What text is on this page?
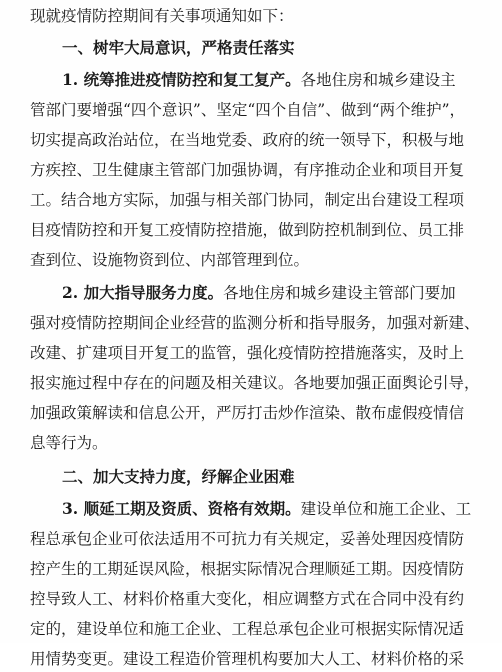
现就疫情防控期间有关事项通知如下：
一、树牢大局意识，严格责任落实
1. 统筹推进疫情防控和复工复产。各地住房和城乡建设主
管部门要增强“四个意识”、坚定“四个自信”、做到“两个维护”，
切实提高政治站位，在当地党委、政府的统一领导下，积极与地
方疾控、卫生健康主管部门加强协调，有序推动企业和项目开复
工。结合地方实际，加强与相关部门协同，制定出台建设工程项
目疫情防控和开复工疫情防控措施，做到防控机制到位、员工排
查到位、设施物资到位、内部管理到位。
2. 加大指导服务力度。各地住房和城乡建设主管部门要加
强对疫情防控期间企业经营的监测分析和指导服务，加强对新建、
改建、扩建项目开复工的监管，强化疫情防控措施落实，及时上
报实施过程中存在的问题及相关建议。各地要加强正面舆论引导，
加强政策解读和信息公开，严厉打击炒作渲染、散布虚假疫情信
息等行为。
二、加大支持力度，纾解企业困难
3. 顺延工期及资质、资格有效期。建设单位和施工企业、工
程总承包企业可依法适用不可抗力有关规定，妥善处理因疫情防
控产生的工期延误风险，根据实际情况合理顺延工期。因疫情防
控导致人工、材料价格重大变化，相应调整方式在合同中没有约
定的，建设单位和施工企业、工程总承包企业可根据实际情况适
用情势变更。建设工程造价管理机构要加大人工、材料价格的采
